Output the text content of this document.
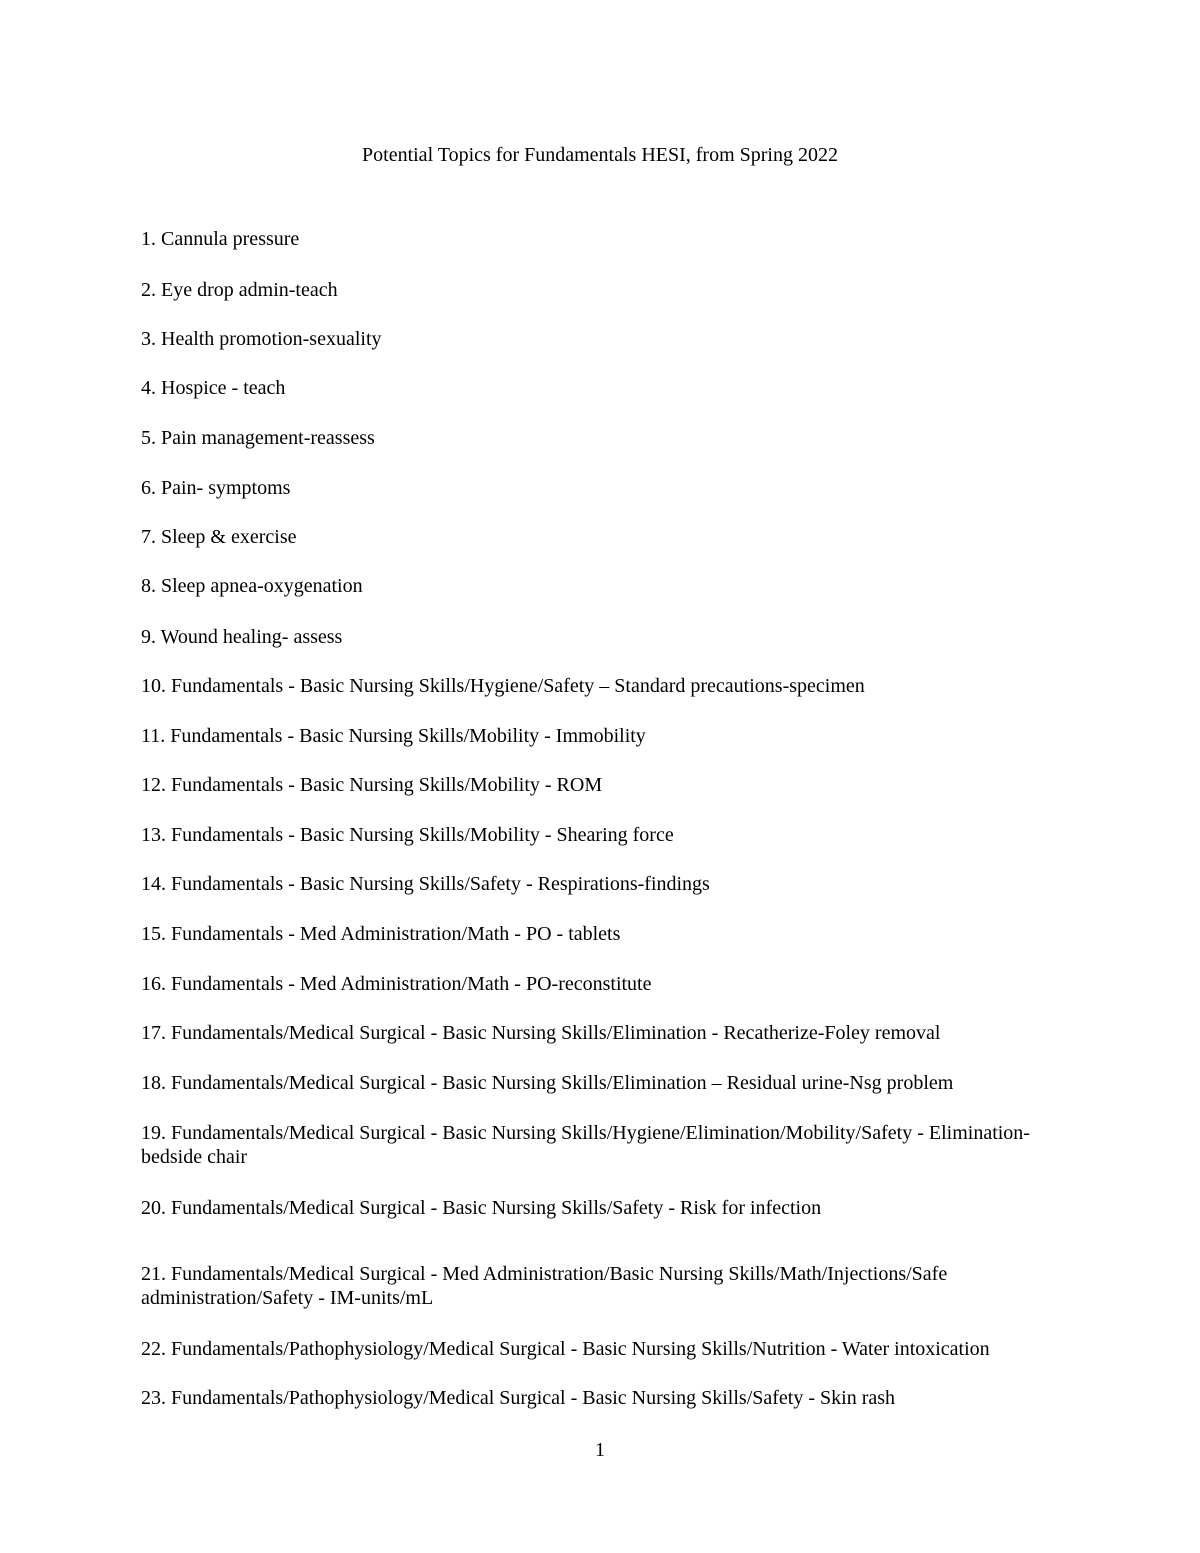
Potential Topics for Fundamentals HESI, from Spring 2022
1. Cannula pressure
2. Eye drop admin-teach
3. Health promotion-sexuality
4. Hospice - teach
5. Pain management-reassess
6. Pain- symptoms
7. Sleep & exercise
8. Sleep apnea-oxygenation
9. Wound healing- assess
10. Fundamentals - Basic Nursing Skills/Hygiene/Safety – Standard precautions-specimen
11. Fundamentals - Basic Nursing Skills/Mobility - Immobility
12. Fundamentals - Basic Nursing Skills/Mobility - ROM
13. Fundamentals - Basic Nursing Skills/Mobility - Shearing force
14. Fundamentals - Basic Nursing Skills/Safety - Respirations-findings
15. Fundamentals - Med Administration/Math - PO - tablets
16. Fundamentals - Med Administration/Math - PO-reconstitute
17. Fundamentals/Medical Surgical - Basic Nursing Skills/Elimination - Recatherize-Foley removal
18. Fundamentals/Medical Surgical - Basic Nursing Skills/Elimination – Residual urine-Nsg problem
19. Fundamentals/Medical Surgical - Basic Nursing Skills/Hygiene/Elimination/Mobility/Safety - Elimination-bedside chair
20. Fundamentals/Medical Surgical - Basic Nursing Skills/Safety - Risk for infection
21. Fundamentals/Medical Surgical - Med Administration/Basic Nursing Skills/Math/Injections/Safe administration/Safety - IM-units/mL
22. Fundamentals/Pathophysiology/Medical Surgical - Basic Nursing Skills/Nutrition - Water intoxication
23. Fundamentals/Pathophysiology/Medical Surgical - Basic Nursing Skills/Safety - Skin rash
1
